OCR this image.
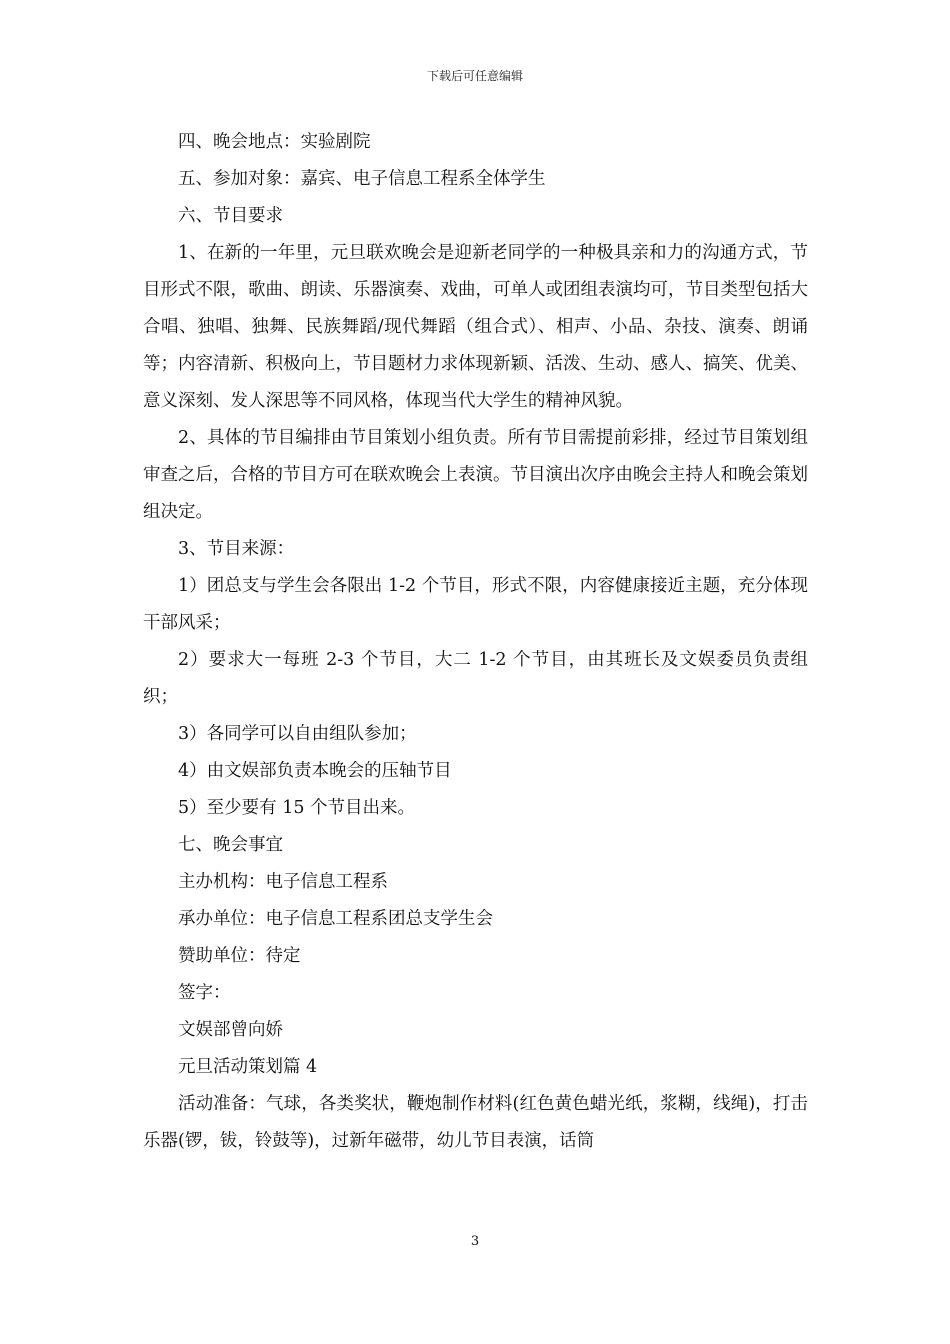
下载后可任意编辑

四、晚会地点：实验剧院

五、参加对象：嘉宾、电子信息工程系全体学生

六、节目要求

1、在新的一年里，元旦联欢晚会是迎新老同学的一种极具亲和力的沟通方式，节目形式不限，歌曲、朗读、乐器演奏、戏曲，可单人或团组表演均可，节目类型包括大合唱、独唱、独舞、民族舞蹈/现代舞蹈（组合式）、相声、小品、杂技、演奏、朗诵等；内容清新、积极向上，节目题材力求体现新颖、活泼、生动、感人、搞笑、优美、意义深刻、发人深思等不同风格，体现当代大学生的精神风貌。

2、具体的节目编排由节目策划小组负责。所有节目需提前彩排，经过节目策划组审查之后，合格的节目方可在联欢晚会上表演。节目演出次序由晚会主持人和晚会策划组决定。

3、节目来源：

1）团总支与学生会各限出 1-2 个节目，形式不限，内容健康接近主题，充分体现干部风采；

2）要求大一每班 2-3 个节目，大二 1-2 个节目，由其班长及文娱委员负责组织；

3）各同学可以自由组队参加；

4）由文娱部负责本晚会的压轴节目

5）至少要有 15 个节目出来。

七、晚会事宜

主办机构：电子信息工程系

承办单位：电子信息工程系团总支学生会

赞助单位：待定

签字：

文娱部曾向娇

元旦活动策划篇 4

活动准备：气球，各类奖状，鞭炮制作材料(红色黄色蜡光纸，浆糊，线绳)，打击乐器(锣，钹，铃鼓等)，过新年磁带，幼儿节目表演，话筒

3
